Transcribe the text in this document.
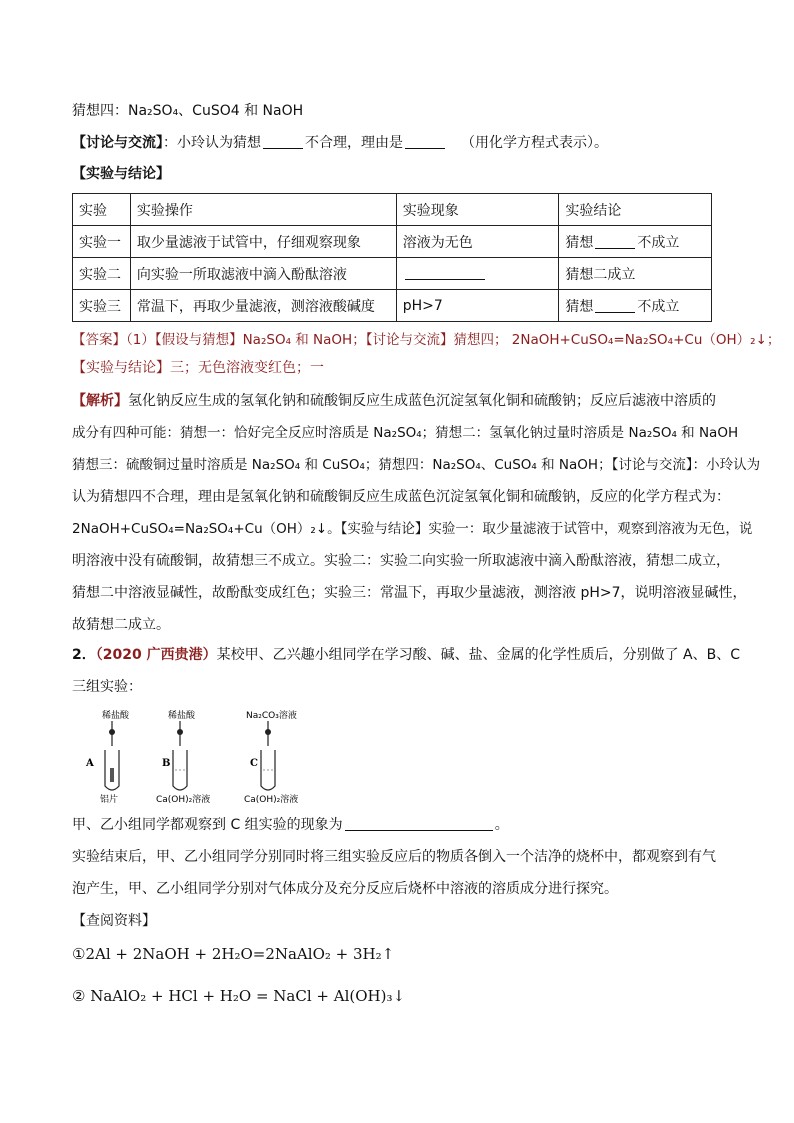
猜想四：Na₂SO₄、CuSO4 和 NaOH
【讨论与交流】：小玲认为猜想	不合理，理由是	（用化学方程式表示）。
【实验与结论】
实验	实验操作	实验现象	实验结论
实验一	取少量滤液于试管中，仔细观察现象	溶液为无色	猜想 不成立
实验二	向实验一所取滤液中滴入酚酞溶液		猜想二成立
实验三	常温下，再取少量滤液，测溶液酸碱度	pH>7	猜想 不成立
【答案】（1）【假设与猜想】Na₂SO₄ 和 NaOH；【讨论与交流】猜想四； 2NaOH+CuSO₄=Na₂SO₄+Cu（OH）₂↓；
【实验与结论】三；无色溶液变红色；一
【解析】氢化钠反应生成的氢氧化钠和硫酸铜反应生成蓝色沉淀氢氧化铜和硫酸钠；反应后滤液中溶质的
成分有四种可能：猜想一：恰好完全反应时溶质是 Na₂SO₄；猜想二：氢氧化钠过量时溶质是 Na₂SO₄ 和 NaOH
猜想三：硫酸铜过量时溶质是 Na₂SO₄ 和 CuSO₄；猜想四：Na₂SO₄、CuSO₄ 和 NaOH；【讨论与交流】：小玲认为
认为猜想四不合理，理由是氢氧化钠和硫酸铜反应生成蓝色沉淀氢氧化铜和硫酸钠，反应的化学方程式为：
2NaOH+CuSO₄=Na₂SO₄+Cu（OH）₂↓。【实验与结论】实验一：取少量滤液于试管中，观察到溶液为无色，说
明溶液中没有硫酸铜，故猜想三不成立。实验二：实验二向实验一所取滤液中滴入酚酞溶液，猜想二成立，
猜想二中溶液显碱性，故酚酞变成红色；实验三：常温下，再取少量滤液，测溶液 pH>7，说明溶液显碱性，
故猜想二成立。
2．（2020 广西贵港）某校甲、乙兴趣小组同学在学习酸、碱、盐、金属的化学性质后，分别做了 A、B、C
三组实验：
稀盐酸
A
铝片
稀盐酸
B
Ca(OH)₂溶液
Na₂CO₃溶液
C
Ca(OH)₂溶液
甲、乙小组同学都观察到 C 组实验的现象为	。
实验结束后，甲、乙小组同学分别同时将三组实验反应后的物质各倒入一个洁净的烧杯中，都观察到有气
泡产生，甲、乙小组同学分别对气体成分及充分反应后烧杯中溶液的溶质成分进行探究。
【查阅资料】
①2Al + 2NaOH + 2H₂O=2NaAlO₂ + 3H₂↑
② NaAlO₂ + HCl + H₂O = NaCl + Al(OH)₃↓
